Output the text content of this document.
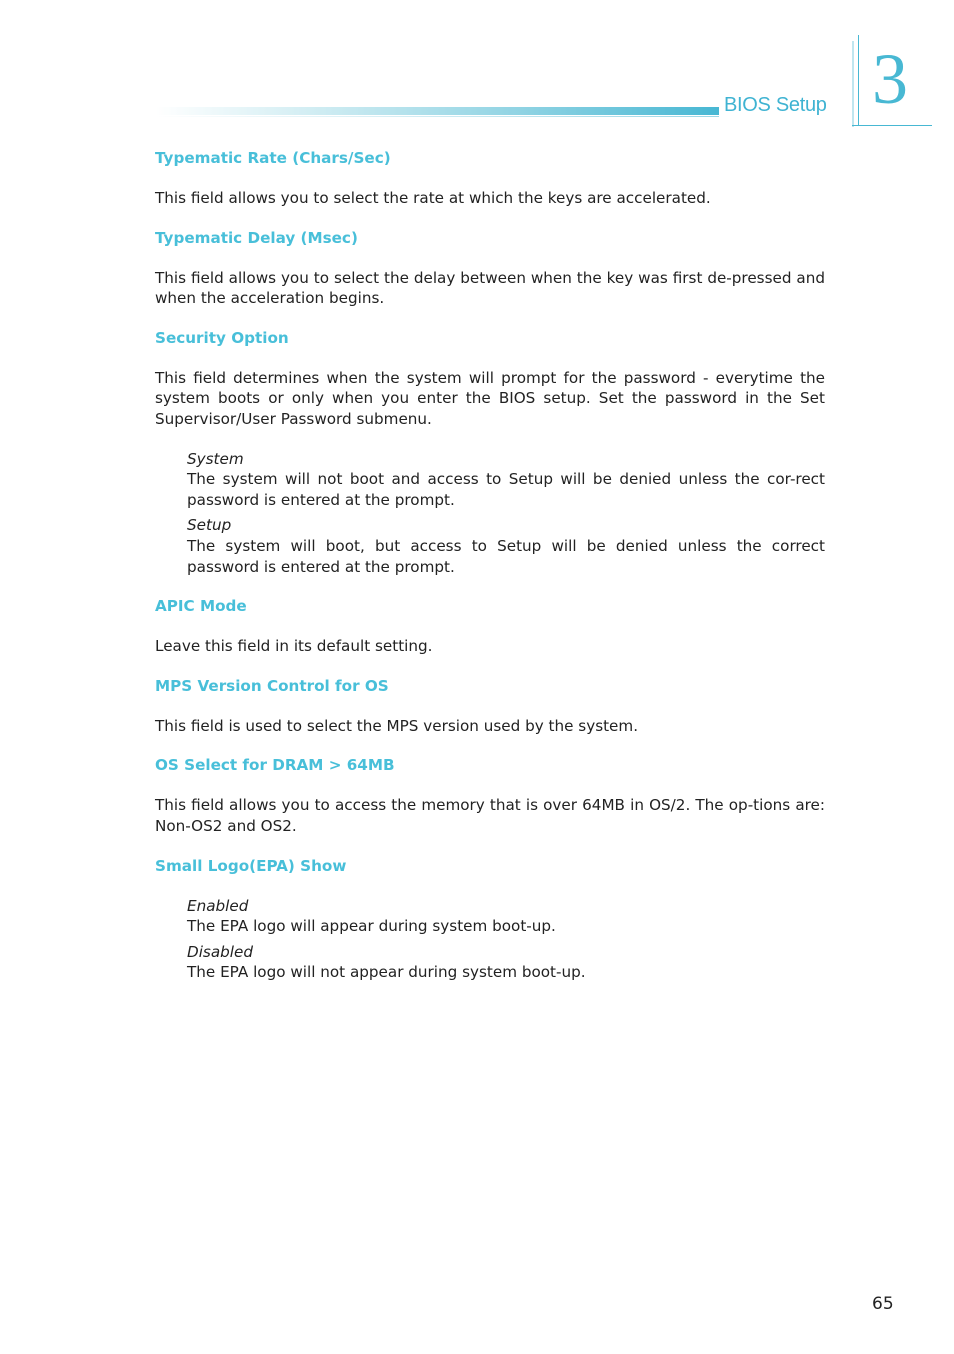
BIOS Setup 3
Typematic Rate (Chars/Sec)
This field allows you to select the rate at which the keys are accelerated.
Typematic Delay (Msec)
This field allows you to select the delay between when the key was first de-pressed and when the acceleration begins.
Security Option
This field determines when the system will prompt for the password - everytime the system boots or only when you enter the BIOS setup. Set the password in the Set Supervisor/User Password submenu.
System
The system will not boot and access to Setup will be denied unless the cor-rect password is entered at the prompt.
Setup
The system will boot, but access to Setup will be denied unless the correct password is entered at the prompt.
APIC Mode
Leave this field in its default setting.
MPS Version Control for OS
This field is used to select the MPS version used by the system.
OS Select for DRAM > 64MB
This field allows you to access the memory that is over 64MB in OS/2. The op-tions are: Non-OS2 and OS2.
Small Logo(EPA) Show
Enabled
The EPA logo will appear during system boot-up.
Disabled
The EPA logo will not appear during system boot-up.
65
